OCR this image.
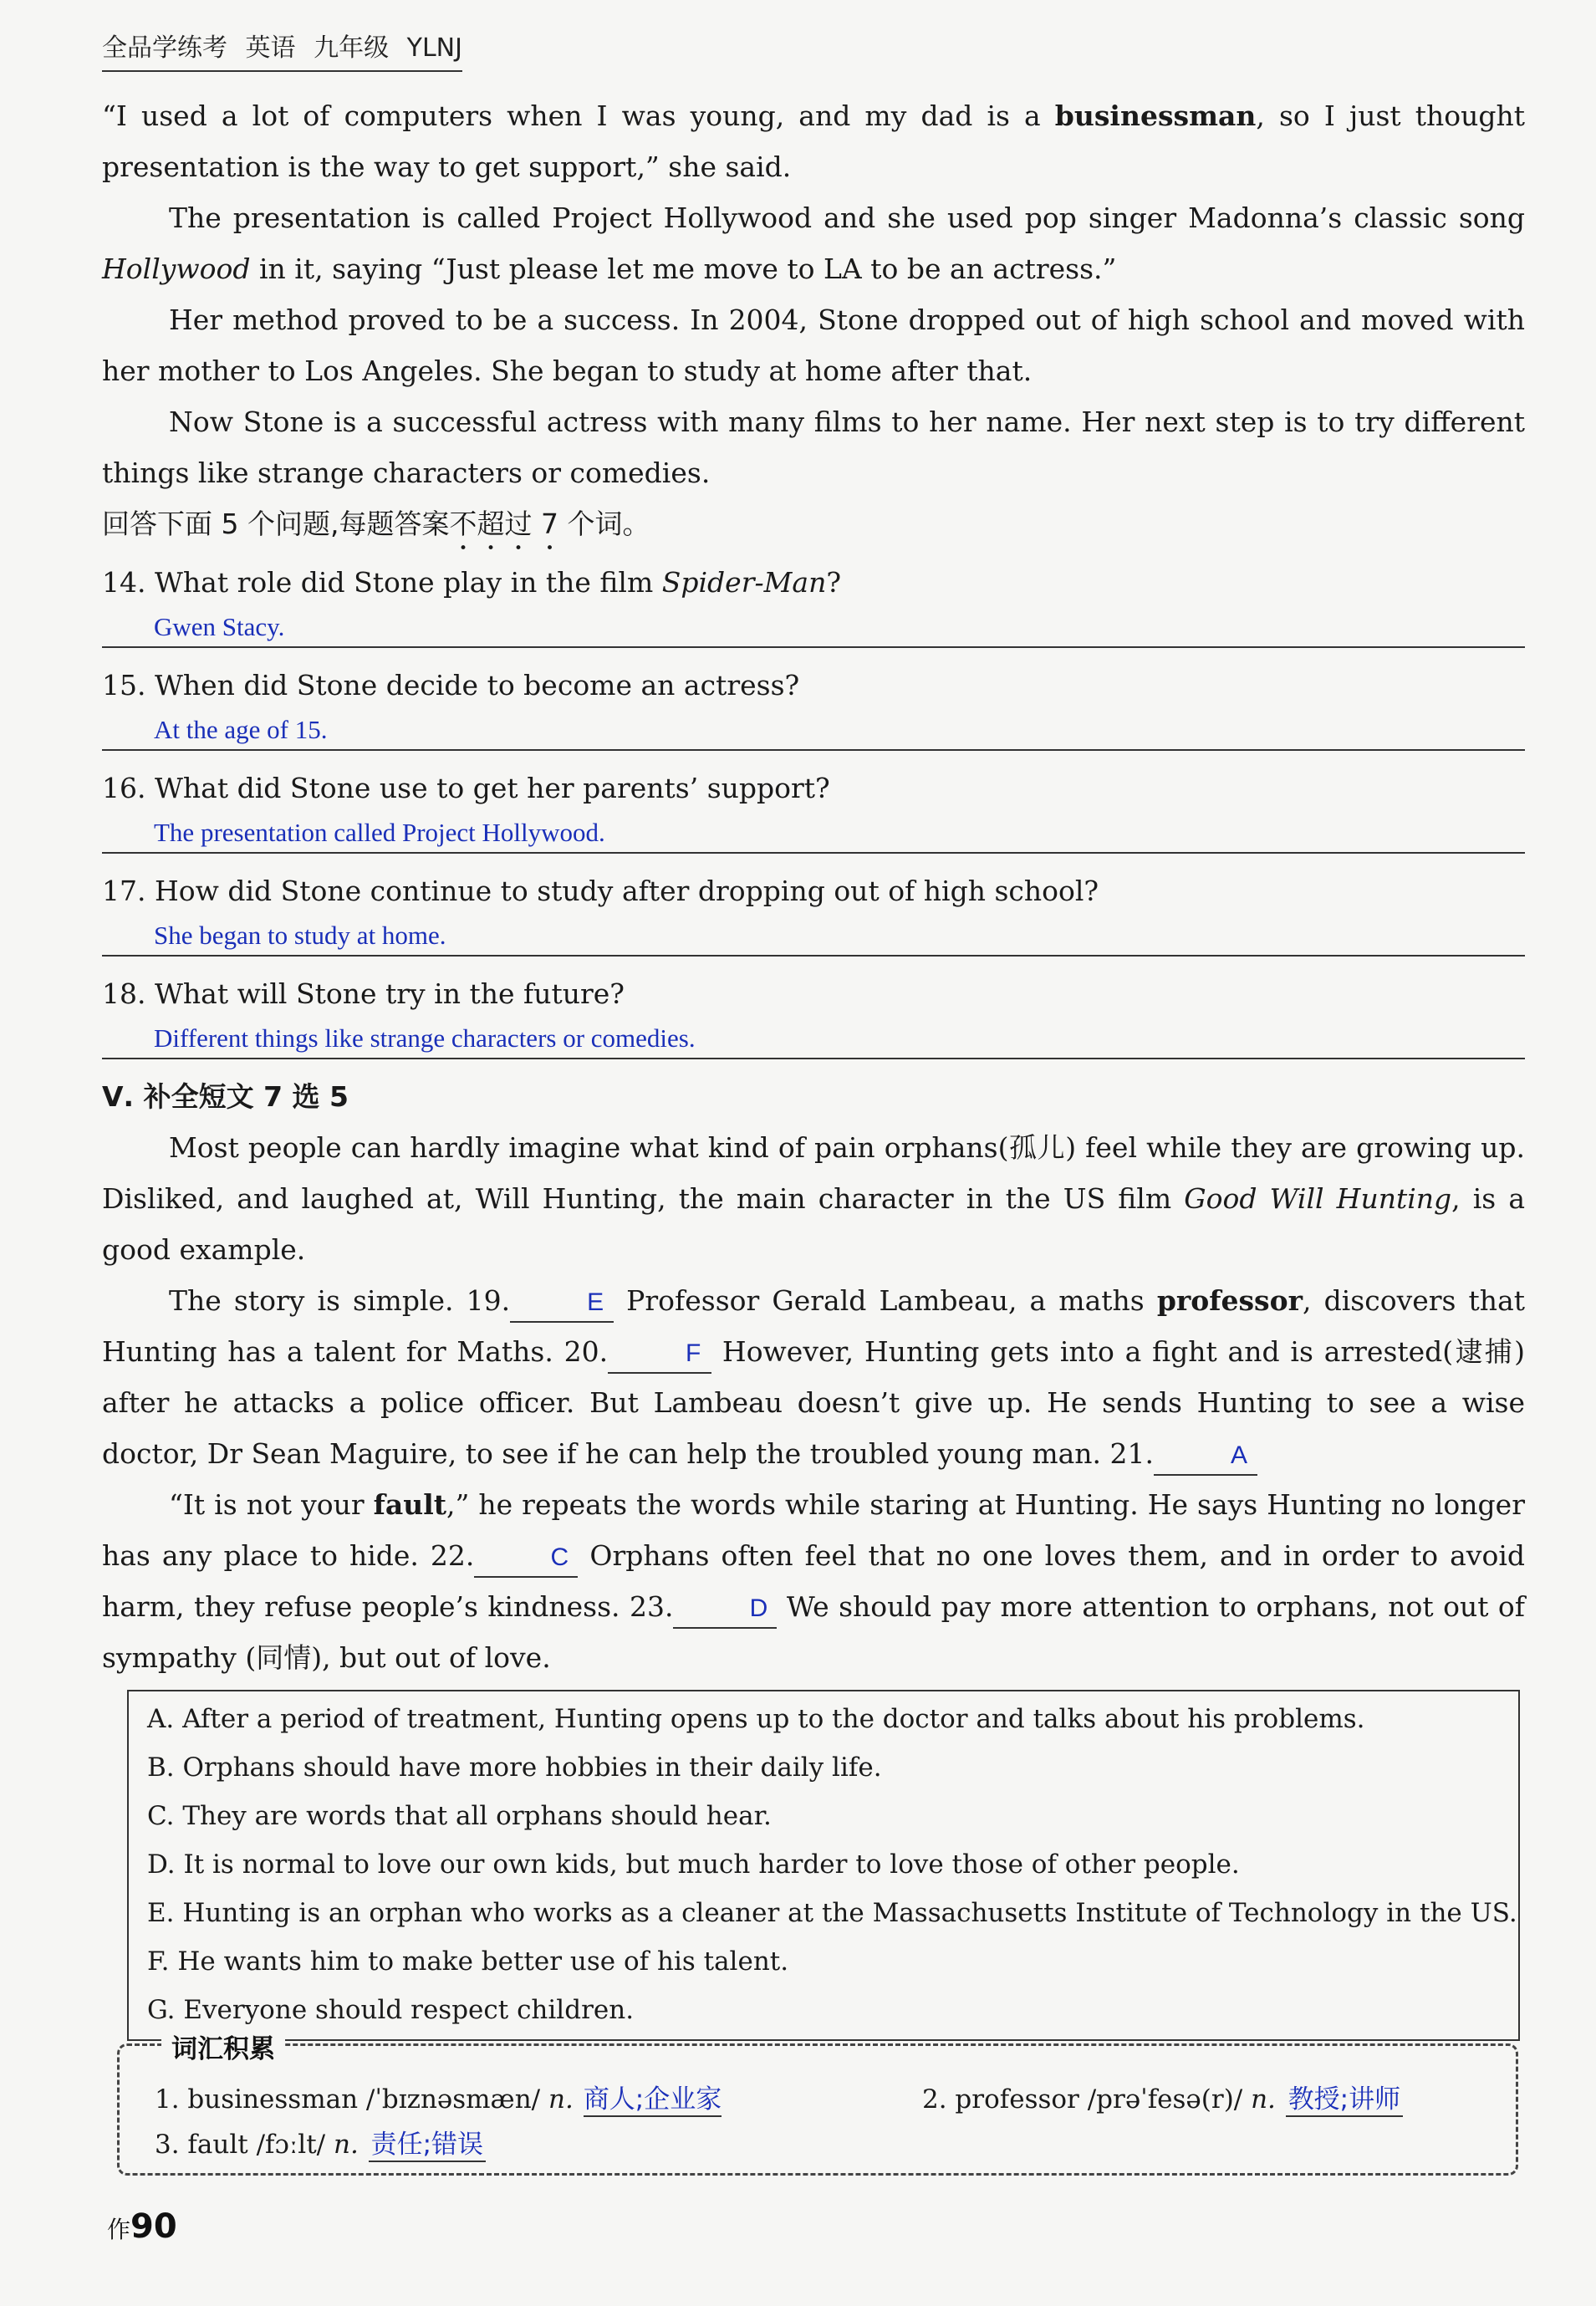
全品学练考 英语 九年级 YLNJ

“I used a lot of computers when I was young, and my dad is a businessman, so I just thought presentation is the way to get support,” she said.

The presentation is called Project Hollywood and she used pop singer Madonna’s classic song Hollywood in it, saying “Just please let me move to LA to be an actress.”

Her method proved to be a success. In 2004, Stone dropped out of high school and moved with her mother to Los Angeles. She began to study at home after that.

Now Stone is a successful actress with many films to her name. Her next step is to try different things like strange characters or comedies.

回答下面 5 个问题,每题答案不超过 7 个词。

14. What role did Stone play in the film Spider-Man?

Gwen Stacy.

15. When did Stone decide to become an actress?

At the age of 15.

16. What did Stone use to get her parents’ support?

The presentation called Project Hollywood.

17. How did Stone continue to study after dropping out of high school?

She began to study at home.

18. What will Stone try in the future?

Different things like strange characters or comedies.

Ⅴ. 补全短文 7 选 5

Most people can hardly imagine what kind of pain orphans(孤儿) feel while they are growing up. Disliked, and laughed at, Will Hunting, the main character in the US film Good Will Hunting, is a good example.

The story is simple. 19.	E Professor Gerald Lambeau, a maths professor, discovers that Hunting has a talent for Maths. 20.	F However, Hunting gets into a fight and is arrested(逮捕) after he attacks a police officer. But Lambeau doesn’t give up. He sends Hunting to see a wise doctor, Dr Sean Maguire, to see if he can help the troubled young man. 21.	A

“It is not your fault,” he repeats the words while staring at Hunting. He says Hunting no longer has any place to hide. 22.	C Orphans often feel that no one loves them, and in order to avoid harm, they refuse people’s kindness. 23.	D We should pay more attention to orphans, not out of sympathy (同情), but out of love.

A. After a period of treatment, Hunting opens up to the doctor and talks about his problems.
B. Orphans should have more hobbies in their daily life.
C. They are words that all orphans should hear.
D. It is normal to love our own kids, but much harder to love those of other people.
E. Hunting is an orphan who works as a cleaner at the Massachusetts Institute of Technology in the US.
F. He wants him to make better use of his talent.
G. Everyone should respect children.
词汇积累
1. businessman /ˈbɪznəsmæn/ n. 商人;企业家	2. professor /prəˈfesə(r)/ n. 教授;讲师
3. fault /fɔːlt/ n. 责任;错误
作90
